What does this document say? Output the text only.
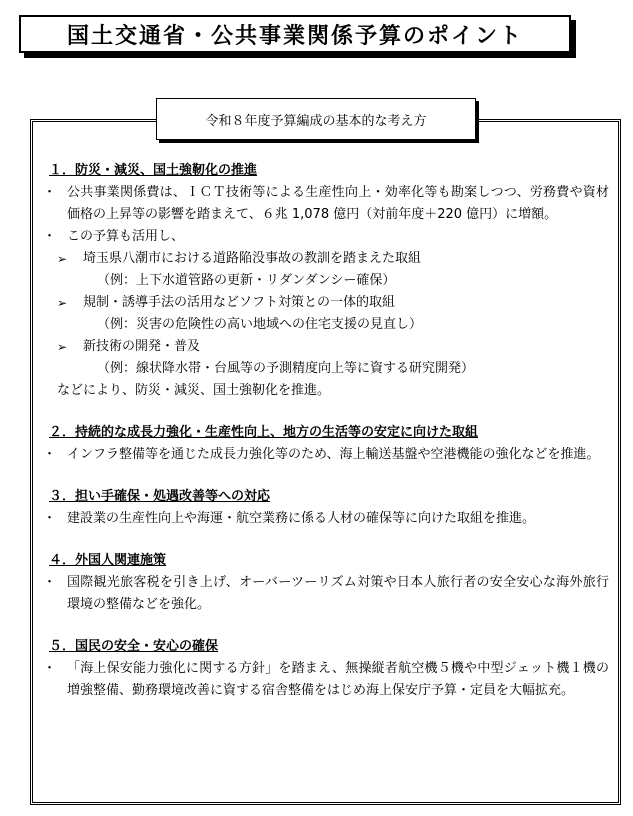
国土交通省・公共事業関係予算のポイント
令和８年度予算編成の基本的な考え方
１．防災・減災、国土強靭化の推進
・ 公共事業関係費は、ＩＣＴ技術等による生産性向上・効率化等も勘案しつつ、労務費や資材価格の上昇等の影響を踏まえて、６兆 1,078 億円（対前年度＋220 億円）に増額。
・ この予算も活用し、
➢	埼玉県八潮市における道路陥没事故の教訓を踏まえた取組
（例：上下水道管路の更新・リダンダンシー確保）
➢	規制・誘導手法の活用などソフト対策との一体的取組
（例：災害の危険性の高い地域への住宅支援の見直し）
➢	新技術の開発・普及
（例：線状降水帯・台風等の予測精度向上等に資する研究開発）
などにより、防災・減災、国土強靭化を推進。
２．持続的な成長力強化・生産性向上、地方の生活等の安定に向けた取組
・ インフラ整備等を通じた成長力強化等のため、海上輸送基盤や空港機能の強化などを推進。
３．担い手確保・処遇改善等への対応
・ 建設業の生産性向上や海運・航空業務に係る人材の確保等に向けた取組を推進。
４．外国人関連施策
・ 国際観光旅客税を引き上げ、オーバーツーリズム対策や日本人旅行者の安全安心な海外旅行環境の整備などを強化。
５．国民の安全・安心の確保
・ 「海上保安能力強化に関する方針」を踏まえ、無操縦者航空機５機や中型ジェット機１機の増強整備、勤務環境改善に資する宿舎整備をはじめ海上保安庁予算・定員を大幅拡充。
